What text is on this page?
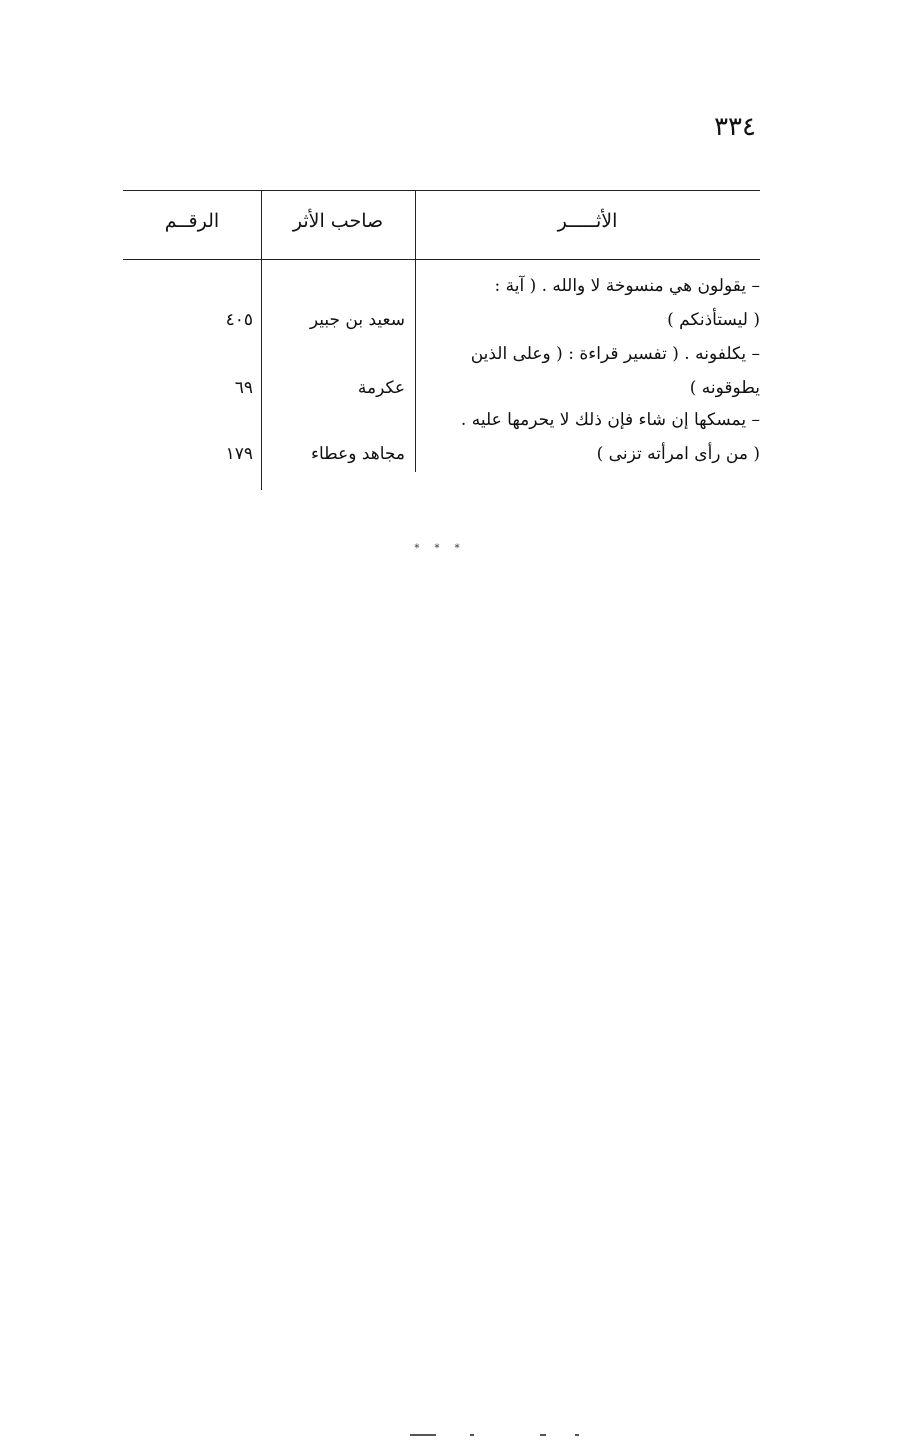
٣٣٤
الرقــم	صاحب الأثر	الأثـــــر
– يقولون هي منسوخة لا والله . ( آية :
( ليستأذنكم )
سعيد بن جبير
٤٠٥
– يكلفونه . ( تفسير قراءة : ( وعلى الذين
يطوقونه )
عكرمة
٦٩
– يمسكها إن شاء فإن ذلك لا يحرمها عليه .
( من رأى امرأته تزنى )
مجاهد وعطاء
١٧٩
* * *
